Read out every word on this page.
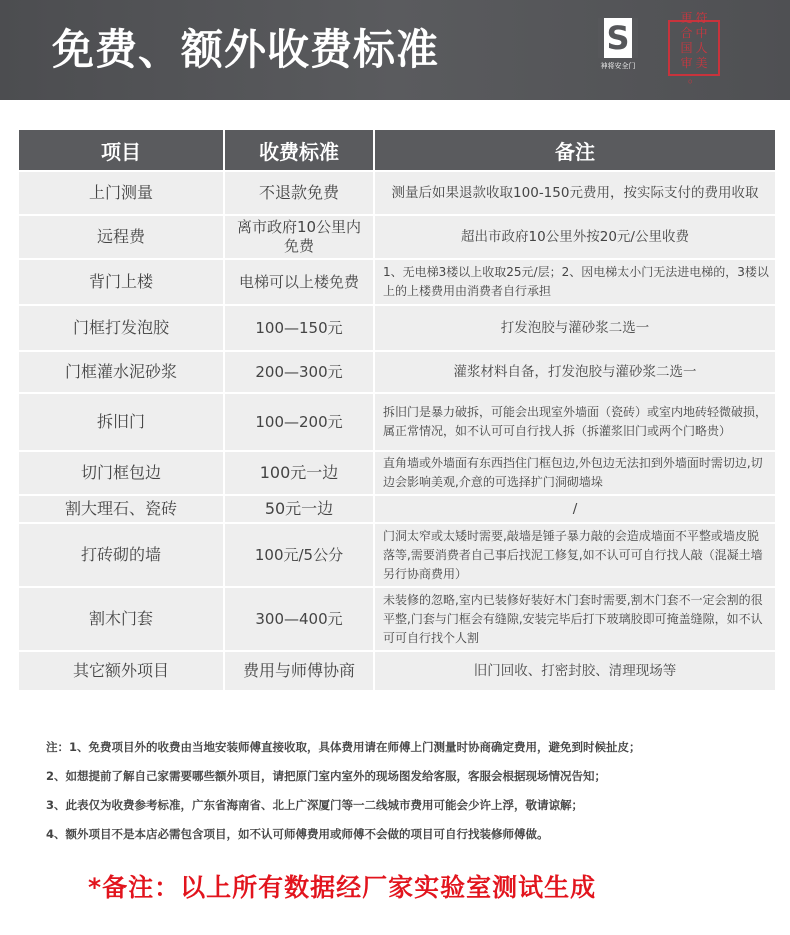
免费、额外收费标准	S
神将安全门
更 符
合 中
国 人
审 美
。
项目	收费标准	备注
上门测量	不退款免费	测量后如果退款收取100-150元费用，按实际支付的费用收取
远程费	离市政府10公里内免费	超出市政府10公里外按20元/公里收费
背门上楼	电梯可以上楼免费	1、无电梯3楼以上收取25元/层；2、因电梯太小门无法进电梯的，3楼以上的上楼费用由消费者自行承担
门框打发泡胶	100—150元	打发泡胶与灌砂浆二选一
门框灌水泥砂浆	200—300元	灌浆材料自备，打发泡胶与灌砂浆二选一
拆旧门	100—200元	拆旧门是暴力破拆，可能会出现室外墙面（瓷砖）或室内地砖轻微破损，属正常情况，如不认可可自行找人拆（拆灌浆旧门或两个门略贵）
切门框包边	100元一边	直角墙或外墙面有东西挡住门框包边,外包边无法扣到外墙面时需切边,切边会影响美观,介意的可选择扩门洞砌墙垛
割大理石、瓷砖	50元一边	/
打砖砌的墙	100元/5公分	门洞太窄或太矮时需要,敲墙是锤子暴力敲的会造成墙面不平整或墙皮脱落等,需要消费者自己事后找泥工修复,如不认可可自行找人敲（混凝土墙另行协商费用）
割木门套	300—400元	未装修的忽略,室内已装修好装好木门套时需要,割木门套不一定会割的很平整,门套与门框会有缝隙,安装完毕后打下玻璃胶即可掩盖缝隙，如不认可可自行找个人割
其它额外项目	费用与师傅协商	旧门回收、打密封胶、清理现场等
注：1、免费项目外的收费由当地安装师傅直接收取，具体费用请在师傅上门测量时协商确定费用，避免到时候扯皮；
2、如想提前了解自己家需要哪些额外项目，请把原门室内室外的现场图发给客服，客服会根据现场情况告知；
3、此表仅为收费参考标准，广东省海南省、北上广深厦门等一二线城市费用可能会少许上浮，敬请谅解；
4、额外项目不是本店必需包含项目，如不认可师傅费用或师傅不会做的项目可自行找装修师傅做。
*备注：以上所有数据经厂家实验室测试生成
